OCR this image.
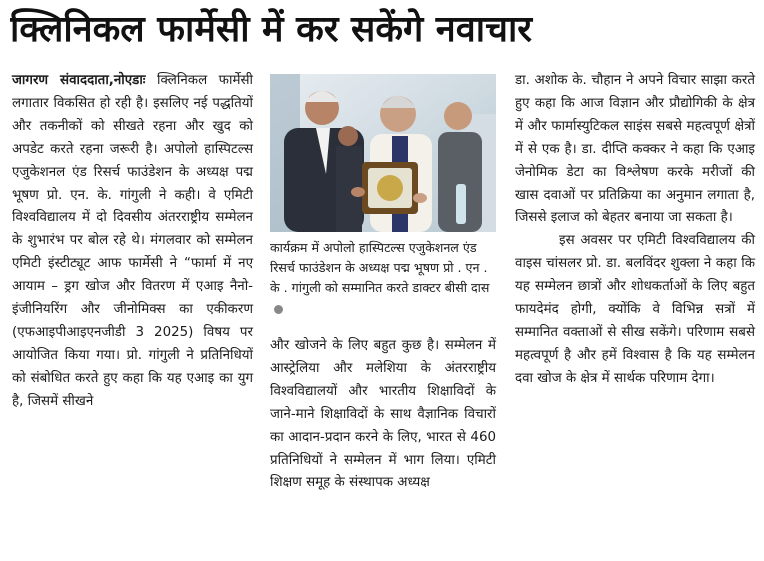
क्लिनिकल फार्मेसी में कर सकेंगे नवाचार

जागरण संवाददाता,नोएडाः क्लिनिकल फार्मेसी लगातार विकसित हो रही है। इसलिए नई पद्धतियों और तकनीकों को सीखते रहना और खुद को अपडेट करते रहना जरूरी है। अपोलो हास्पिटल्स एजुकेशनल एंड रिसर्च फाउंडेशन के अध्यक्ष पद्म भूषण प्रो. एन. के. गांगुली ने कही। वे एमिटी विश्वविद्यालय में दो दिवसीय अंतरराष्ट्रीय सम्मेलन के शुभारंभ पर बोल रहे थे। मंगलवार को सम्मेलन एमिटी इंस्टीट्यूट आफ फार्मेसी ने “फार्मा में नए आयाम – ड्रग खोज और वितरण में एआइ नैनो-इंजीनियरिंग और जीनोमिक्स का एकीकरण (एफआइपीआइएनजीडी 3 2025) विषय पर आयोजित किया गया। प्रो. गांगुली ने प्रतिनिधियों को संबोधित करते हुए कहा कि यह एआइ का युग है, जिसमें सीखने

कार्यक्रम में अपोलो हास्पिटल्स एजुकेशनल एंड रिसर्च फाउंडेशन के अध्यक्ष पद्म भूषण प्रो . एन . के . गांगुली को सम्मानित करते डाक्टर बीसी दास

और खोजने के लिए बहुत कुछ है। सम्मेलन में आस्ट्रेलिया और मलेशिया के अंतरराष्ट्रीय विश्वविद्यालयों और भारतीय शिक्षाविदों के जाने-माने शिक्षाविदों के साथ वैज्ञानिक विचारों का आदान-प्रदान करने के लिए, भारत से 460 प्रतिनिधियों ने सम्मेलन में भाग लिया। एमिटी शिक्षण समूह के संस्थापक अध्यक्ष

डा. अशोक के. चौहान ने अपने विचार साझा करते हुए कहा कि आज विज्ञान और प्रौद्योगिकी के क्षेत्र में और फार्मास्युटिकल साइंस सबसे महत्वपूर्ण क्षेत्रों में से एक है। डा. दीप्ति कक्कर ने कहा कि एआइ जेनोमिक डेटा का विश्लेषण करके मरीजों की खास दवाओं पर प्रतिक्रिया का अनुमान लगाता है, जिससे इलाज को बेहतर बनाया जा सकता है।

इस अवसर पर एमिटी विश्वविद्यालय की वाइस चांसलर प्रो. डा. बलविंदर शुक्ला ने कहा कि यह सम्मेलन छात्रों और शोधकर्ताओं के लिए बहुत फायदेमंद होगी, क्योंकि वे विभिन्न सत्रों में सम्मानित वक्ताओं से सीख सकेंगे। परिणाम सबसे महत्वपूर्ण है और हमें विश्वास है कि यह सम्मेलन दवा खोज के क्षेत्र में सार्थक परिणाम देगा।
